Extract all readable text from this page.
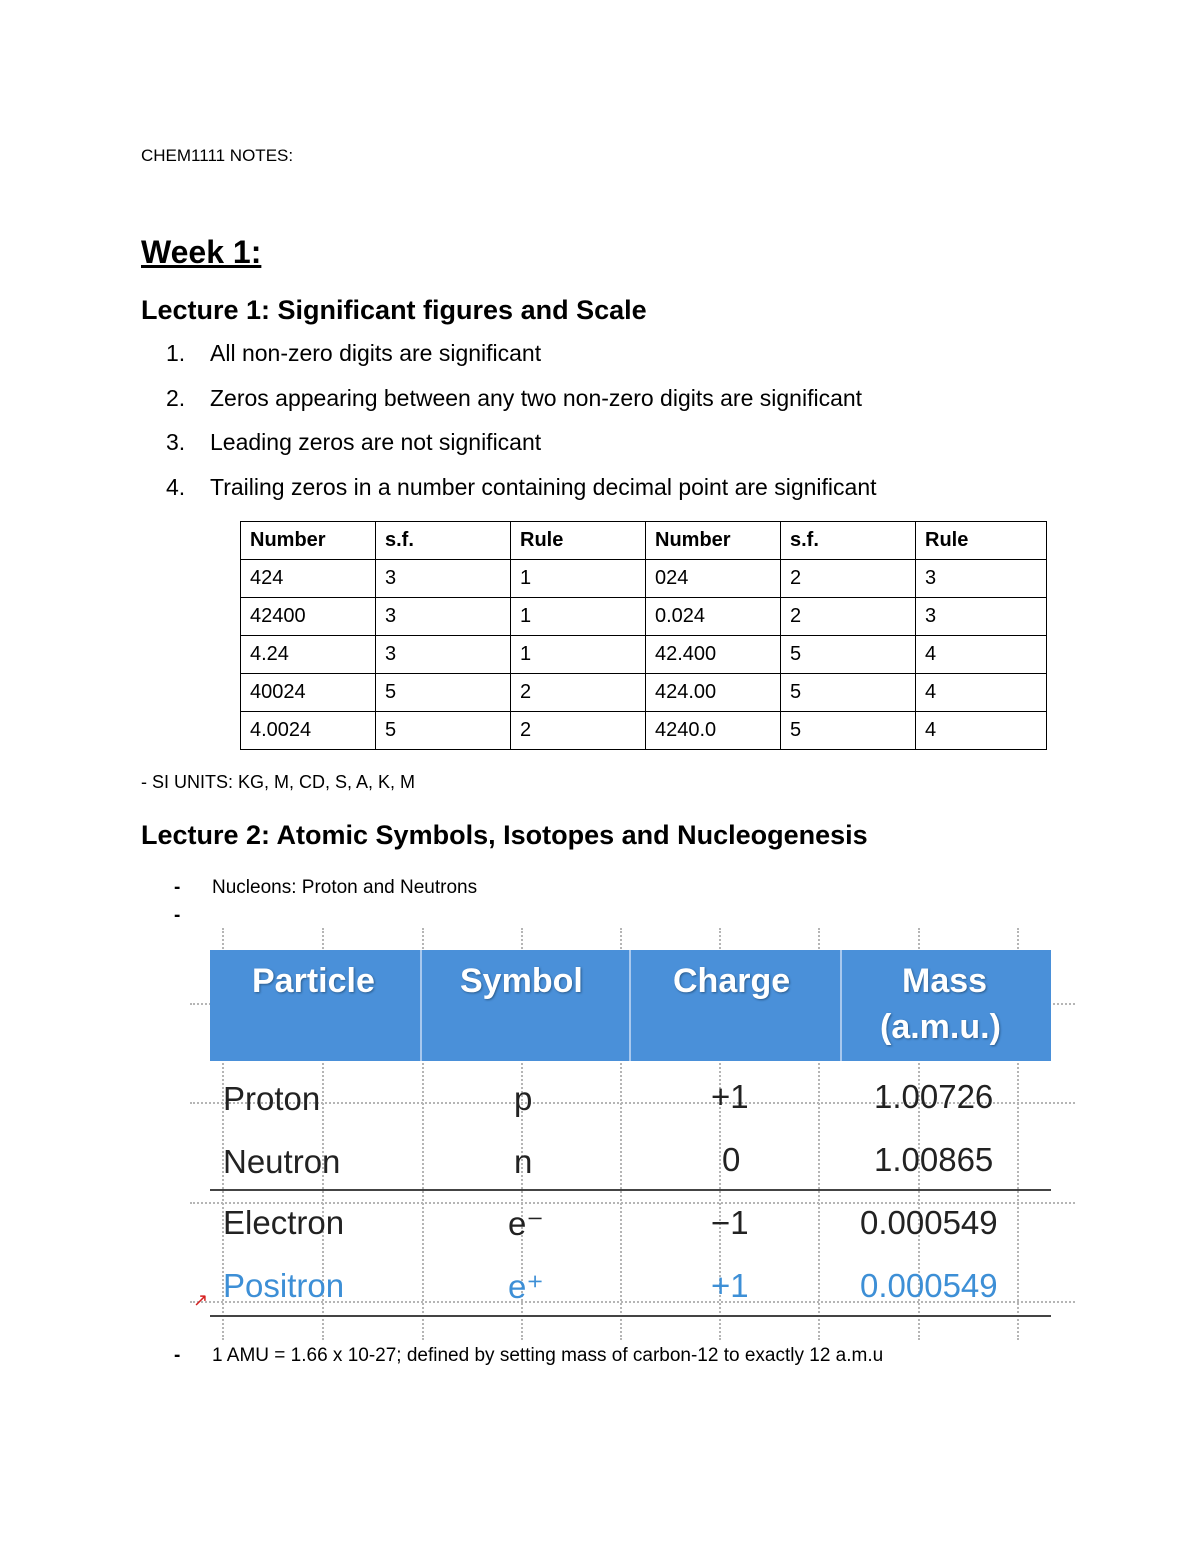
CHEM1111 NOTES:
Week 1:
Lecture 1: Significant figures and Scale
1.	All non-zero digits are significant
2.	Zeros appearing between any two non-zero digits are significant
3.	Leading zeros are not significant
4.	Trailing zeros in a number containing decimal point are significant
Number	s.f.	Rule	Number	s.f.	Rule
424	3	1	024	2	3
42400	3	1	0.024	2	3
4.24	3	1	42.400	5	4
40024	5	2	424.00	5	4
4.0024	5	2	4240.0	5	4
- SI UNITS: KG, M, CD, S, A, K, M
Lecture 2: Atomic Symbols, Isotopes and Nucleogenesis
-	Nucleons: Proton and Neutrons
-
Particle	Symbol	Charge	Mass
(a.m.u.)
Proton	p	+1	1.00726
Neutron	n	0	1.00865
Electron	e⁻	−1	0.000549
Positron	e⁺	+1	0.000549
↗
-	1 AMU = 1.66 x 10-27; defined by setting mass of carbon-12 to exactly 12 a.m.u
